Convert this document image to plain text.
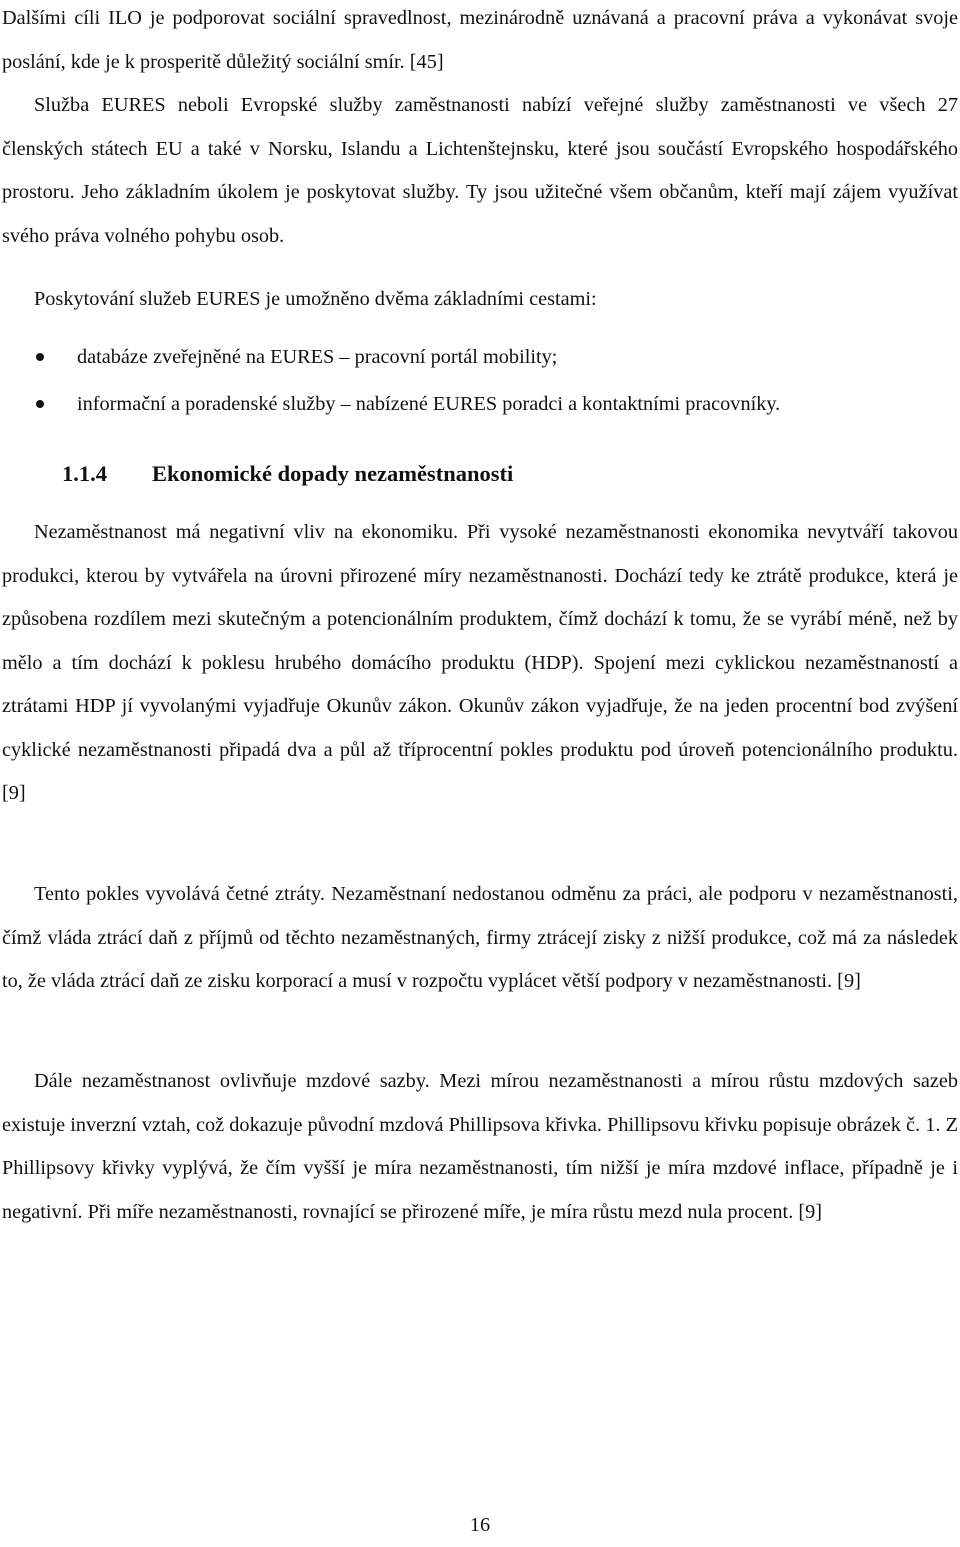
Dalšími cíli ILO je podporovat sociální spravedlnost, mezinárodně uznávaná a pracovní práva a vykonávat svoje poslání, kde je k prosperitě důležitý sociální smír. [45]

Služba EURES neboli Evropské služby zaměstnanosti nabízí veřejné služby zaměstnanosti ve všech 27 členských státech EU a také v Norsku, Islandu a Lichtenštejnsku, které jsou součástí Evropského hospodářského prostoru. Jeho základním úkolem je poskytovat služby. Ty jsou užitečné všem občanům, kteří mají zájem využívat svého práva volného pohybu osob.

Poskytování služeb EURES je umožněno dvěma základními cestami:

databáze zveřejněné na EURES – pracovní portál mobility;
informační a poradenské služby – nabízené EURES poradci a kontaktními pracovníky.
1.1.4 Ekonomické dopady nezaměstnanosti

Nezaměstnanost má negativní vliv na ekonomiku. Při vysoké nezaměstnanosti ekonomika nevytváří takovou produkci, kterou by vytvářela na úrovni přirozené míry nezaměstnanosti. Dochází tedy ke ztrátě produkce, která je způsobena rozdílem mezi skutečným a potencionálním produktem, čímž dochází k tomu, že se vyrábí méně, než by mělo a tím dochází k poklesu hrubého domácího produktu (HDP). Spojení mezi cyklickou nezaměstnaností a ztrátami HDP jí vyvolanými vyjadřuje Okunův zákon. Okunův zákon vyjadřuje, že na jeden procentní bod zvýšení cyklické nezaměstnanosti připadá dva a půl až tříprocentní pokles produktu pod úroveň potencionálního produktu. [9]

Tento pokles vyvolává četné ztráty. Nezaměstnaní nedostanou odměnu za práci, ale podporu v nezaměstnanosti, čímž vláda ztrácí daň z příjmů od těchto nezaměstnaných, firmy ztrácejí zisky z nižší produkce, což má za následek to, že vláda ztrácí daň ze zisku korporací a musí v rozpočtu vyplácet větší podpory v nezaměstnanosti. [9]

Dále nezaměstnanost ovlivňuje mzdové sazby. Mezi mírou nezaměstnanosti a mírou růstu mzdových sazeb existuje inverzní vztah, což dokazuje původní mzdová Phillipsova křivka. Phillipsovu křivku popisuje obrázek č. 1. Z Phillipsovy křivky vyplývá, že čím vyšší je míra nezaměstnanosti, tím nižší je míra mzdové inflace, případně je i negativní. Při míře nezaměstnanosti, rovnající se přirozené míře, je míra růstu mezd nula procent. [9]

16
